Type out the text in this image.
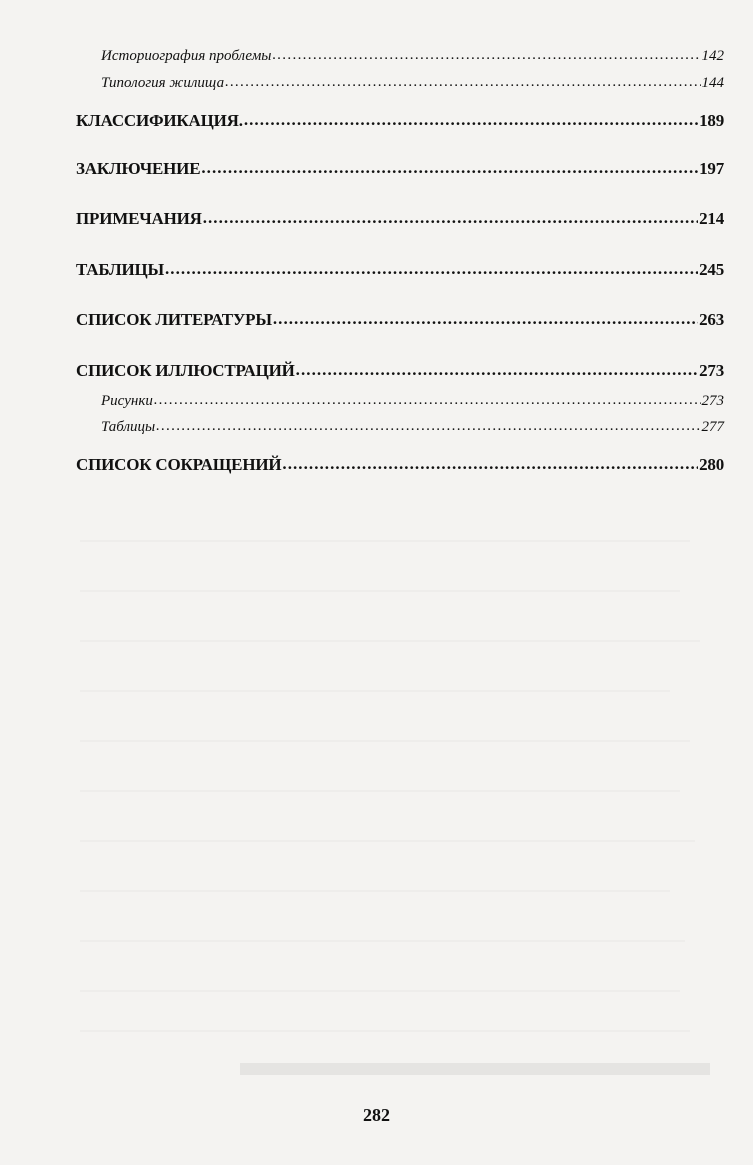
Историография проблемы . . .	142
Типология жилища . . .	144
КЛАССИФИКАЦИЯ. . . .	189
ЗАКЛЮЧЕНИЕ . . .	197
ПРИМЕЧАНИЯ . . .	214
ТАБЛИЦЫ . . .	245
СПИСОК ЛИТЕРАТУРЫ . . .	263
СПИСОК ИЛЛЮСТРАЦИЙ . . .	273
Рисунки . . .	273
Таблицы . . .	277
СПИСОК СОКРАЩЕНИЙ . . .	280
282
